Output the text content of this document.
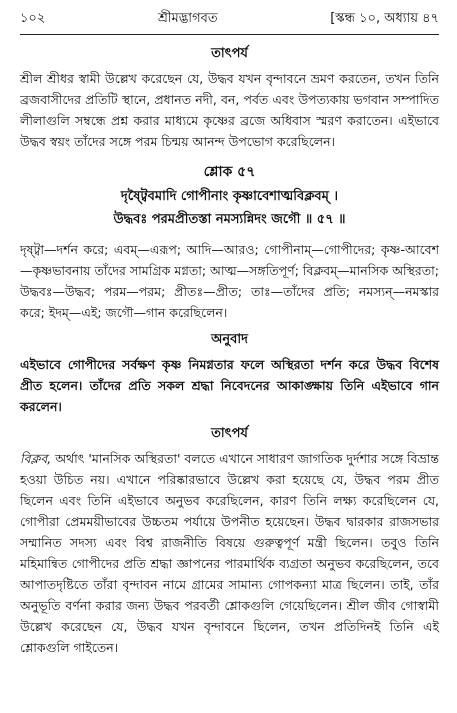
১০২	শ্রীমদ্ভাগবত	[স্কন্ধ ১০, অধ্যায় ৪৭
তাৎপর্য

শ্রীল শ্রীধর স্বামী উল্লেখ করেছেন যে, উদ্ধব যখন বৃন্দাবনে ভ্রমণ করতেন, তখন তিনি ব্রজবাসীদের প্রতিটি স্থানে, প্রধানত নদী, বন, পর্বত এবং উপত্যকায় ভগবান সম্পাদিত লীলাগুলি সম্বন্ধে প্রশ্ন করার মাধ্যমে কৃষ্ণের ব্রজে অধিবাস স্মরণ করাতেন। এইভাবে উদ্ধব স্বয়ং তাঁদের সঙ্গে পরম চিন্ময় আনন্দ উপভোগ করেছিলেন।

শ্লোক ৫৭
দৃষ্ট্বৈবমাদি গোপীনাং কৃষ্ণাবেশাত্মবিক্লবম্ ।
উদ্ধবঃ পরমপ্রীতস্তা নমস্যন্নিদং জগৌ ॥ ৫৭ ॥

দৃষ্ট্বা—দর্শন করে; এবম্—এরূপ; আদি—আরও; গোপীনাম্—গোপীদের; কৃষ্ণ-আবেশ—কৃষ্ণভাবনায় তাঁদের সামগ্রিক মগ্নতা; আত্ম—সঙ্গতিপূর্ণ; বিক্লবম্—মানসিক অস্থিরতা; উদ্ধবঃ—উদ্ধব; পরম—পরম; প্রীতঃ—প্রীত; তাঃ—তাঁদের প্রতি; নমস্যন্—নমস্কার করে; ইদম্—এই; জগৌ—গান করেছিলেন।

অনুবাদ

এইভাবে গোপীদের সর্বক্ষণ কৃষ্ণ নিমগ্নতার ফলে অস্থিরতা দর্শন করে উদ্ধব বিশেষ প্রীত হলেন। তাঁদের প্রতি সকল শ্রদ্ধা নিবেদনের আকাঙ্ক্ষায় তিনি এইভাবে গান করলেন।

তাৎপর্য

বিক্লব, অর্থাৎ 'মানসিক অস্থিরতা' বলতে এখানে সাধারণ জাগতিক দুর্দশার সঙ্গে বিভ্রান্ত হওয়া উচিত নয়। এখানে পরিষ্কারভাবে উল্লেখ করা হয়েছে যে, উদ্ধব পরম প্রীত ছিলেন এবং তিনি এইভাবে অনুভব করেছিলেন, কারণ তিনি লক্ষ্য করেছিলেন যে, গোপীরা প্রেমময়ীভাবের উচ্চতম পর্যায়ে উপনীত হয়েছেন। উদ্ধব দ্বারকার রাজসভার সম্মানিত সদস্য এবং বিশ্ব রাজনীতি বিষয়ে গুরুত্বপূর্ণ মন্ত্রী ছিলেন। তবুও তিনি মহিমান্বিত গোপীদের প্রতি শ্রদ্ধা জ্ঞাপনের পারমার্থিক ব্যগ্রতা অনুভব করেছিলেন, তবে আপাতদৃষ্টিতে তাঁরা বৃন্দাবন নামে গ্রামের সামান্য গোপকন্যা মাত্র ছিলেন। তাই, তাঁর অনুভূতি বর্ণনা করার জন্য উদ্ধব পরবর্তী শ্লোকগুলি গেয়েছিলেন। শ্রীল জীব গোস্বামী উল্লেখ করেছেন যে, উদ্ধব যখন বৃন্দাবনে ছিলেন, তখন প্রতিদিনই তিনি এই শ্লোকগুলি গাইতেন।
